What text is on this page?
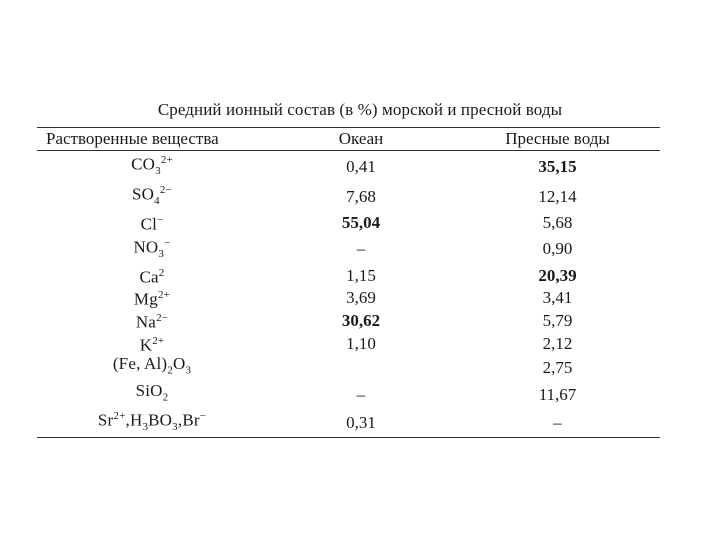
Средний ионный состав (в %) морской и пресной воды
Растворенные вещества	Океан	Пресные воды
$CO_3^{2+}$	0,41	35,15
$SO_4^{2-}$	7,68	12,14
Cl−	55,04	5,68
$NO_3^-$	–	0,90
Ca$^2$	1,15	20,39
$Mg^{2+}$	3,69	3,41
$Na^{2-}$	30,62	5,79
$K^{2+}$	1,10	2,12
(Fe, $Al)_2O_3$		2,75
SiO$_2$	–	11,67
$Sr^{2+},H_3BO_3,Br^-$	0,31	–
